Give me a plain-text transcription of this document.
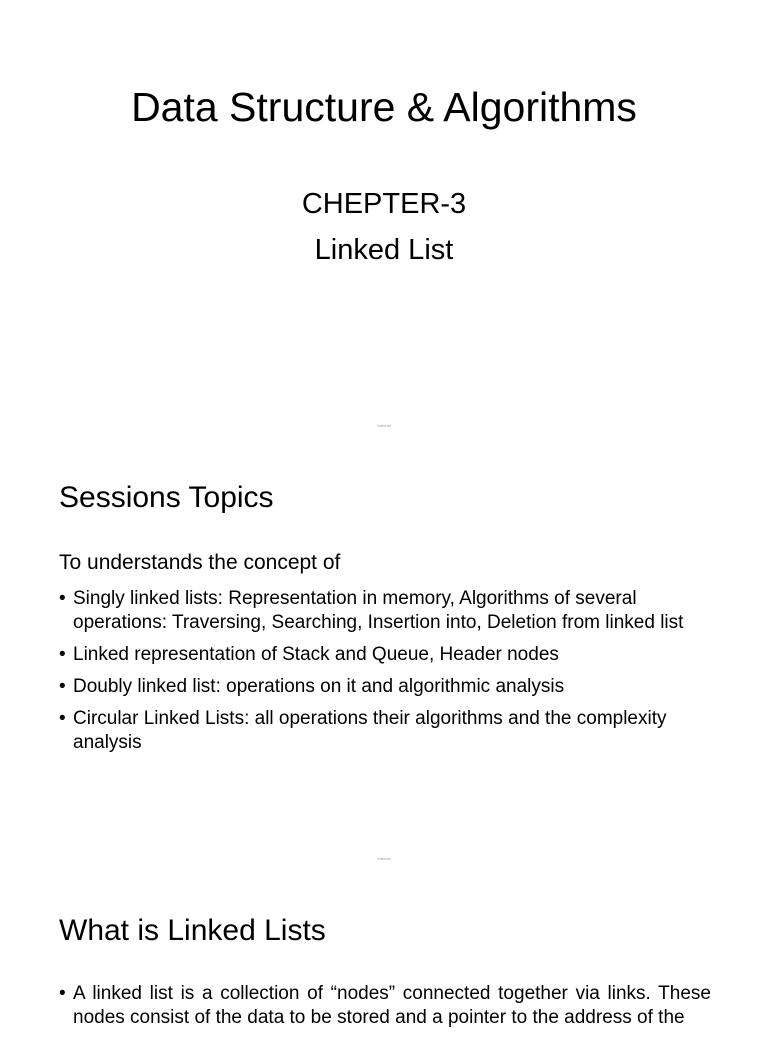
Data Structure & Algorithms
CHEPTER-3
Linked List
Internal
Sessions Topics
To understands the concept of
• Singly linked lists: Representation in memory, Algorithms of several operations: Traversing, Searching, Insertion into, Deletion from linked list
• Linked representation of Stack and Queue, Header nodes
• Doubly linked list: operations on it and algorithmic analysis
• Circular Linked Lists: all operations their algorithms and the complexity analysis
Internal
What is Linked Lists
• A linked list is a collection of “nodes” connected together via links. These nodes consist of the data to be stored and a pointer to the address of the
